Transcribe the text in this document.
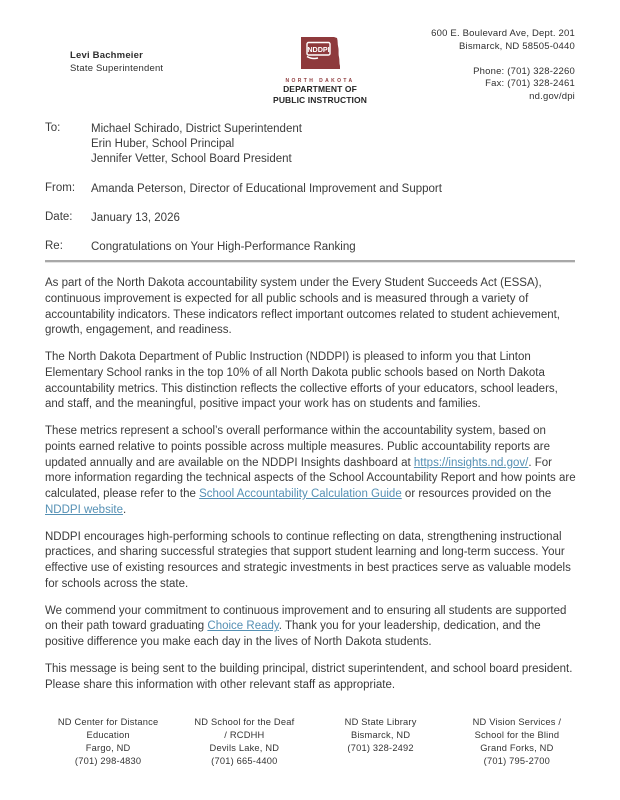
Levi Bachmeier
State Superintendent
NDDPI
NORTH DAKOTA
DEPARTMENT OF
PUBLIC INSTRUCTION
600 E. Boulevard Ave, Dept. 201
Bismarck, ND 58505-0440
Phone: (701) 328-2260
Fax: (701) 328-2461
nd.gov/dpi
To:	Michael Schirado, District Superintendent
Erin Huber, School Principal
Jennifer Vetter, School Board President
From:	Amanda Peterson, Director of Educational Improvement and Support
Date:	January 13, 2026
Re:	Congratulations on Your High-Performance Ranking

As part of the North Dakota accountability system under the Every Student Succeeds Act (ESSA), continuous improvement is expected for all public schools and is measured through a variety of accountability indicators. These indicators reflect important outcomes related to student achievement, growth, engagement, and readiness.

The North Dakota Department of Public Instruction (NDDPI) is pleased to inform you that Linton Elementary School ranks in the top 10% of all North Dakota public schools based on North Dakota accountability metrics. This distinction reflects the collective efforts of your educators, school leaders, and staff, and the meaningful, positive impact your work has on students and families.

These metrics represent a school’s overall performance within the accountability system, based on points earned relative to points possible across multiple measures. Public accountability reports are updated annually and are available on the NDDPI Insights dashboard at https://insights.nd.gov/. For more information regarding the technical aspects of the School Accountability Report and how points are calculated, please refer to the School Accountability Calculation Guide or resources provided on the NDDPI website.

NDDPI encourages high-performing schools to continue reflecting on data, strengthening instructional practices, and sharing successful strategies that support student learning and long-term success. Your effective use of existing resources and strategic investments in best practices serve as valuable models for schools across the state.

We commend your commitment to continuous improvement and to ensuring all students are supported on their path toward graduating Choice Ready. Thank you for your leadership, dedication, and the positive difference you make each day in the lives of North Dakota students.

This message is being sent to the building principal, district superintendent, and school board president. Please share this information with other relevant staff as appropriate.

ND Center for Distance
Education
Fargo, ND
(701) 298-4830
ND School for the Deaf
/ RCDHH
Devils Lake, ND
(701) 665-4400
ND State Library
Bismarck, ND
(701) 328-2492
ND Vision Services /
School for the Blind
Grand Forks, ND
(701) 795-2700
